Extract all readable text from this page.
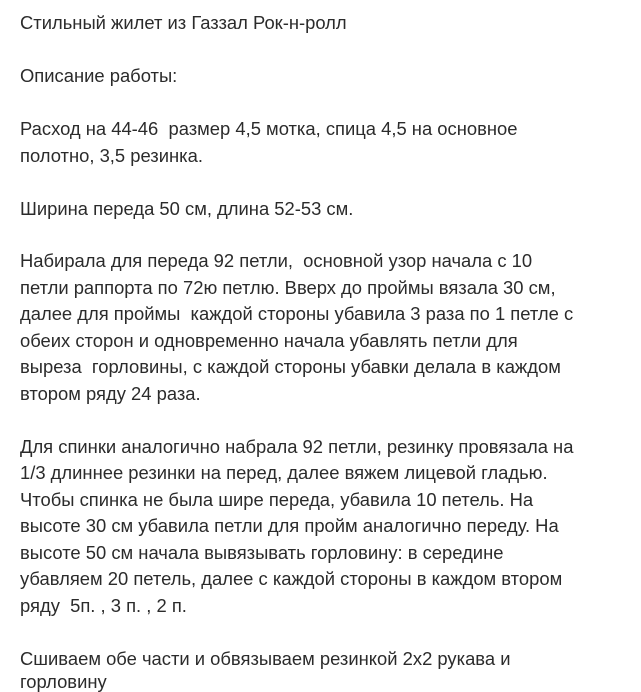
Стильный жилет из Газзал Рок-н-ролл
Описание работы:
Расход на 44-46  размер 4,5 мотка, спица 4,5 на основное
полотно, 3,5 резинка.
Ширина переда 50 см, длина 52-53 см.
Набирала для переда 92 петли,  основной узор начала с 10
петли раппорта по 72ю петлю. Вверх до проймы вязала 30 см,
далее для проймы  каждой стороны убавила 3 раза по 1 петле с
обеих сторон и одновременно начала убавлять петли для
выреза  горловины, с каждой стороны убавки делала в каждом
втором ряду 24 раза.
Для спинки аналогично набрала 92 петли, резинку провязала на
1/3 длиннее резинки на перед, далее вяжем лицевой гладью.
Чтобы спинка не была шире переда, убавила 10 петель. На
высоте 30 см убавила петли для пройм аналогично переду. На
высоте 50 см начала вывязывать горловину: в середине
убавляем 20 петель, далее с каждой стороны в каждом втором
ряду  5п. , 3 п. , 2 п.
Сшиваем обе части и обвязываем резинкой 2х2 рукава и
горловину
